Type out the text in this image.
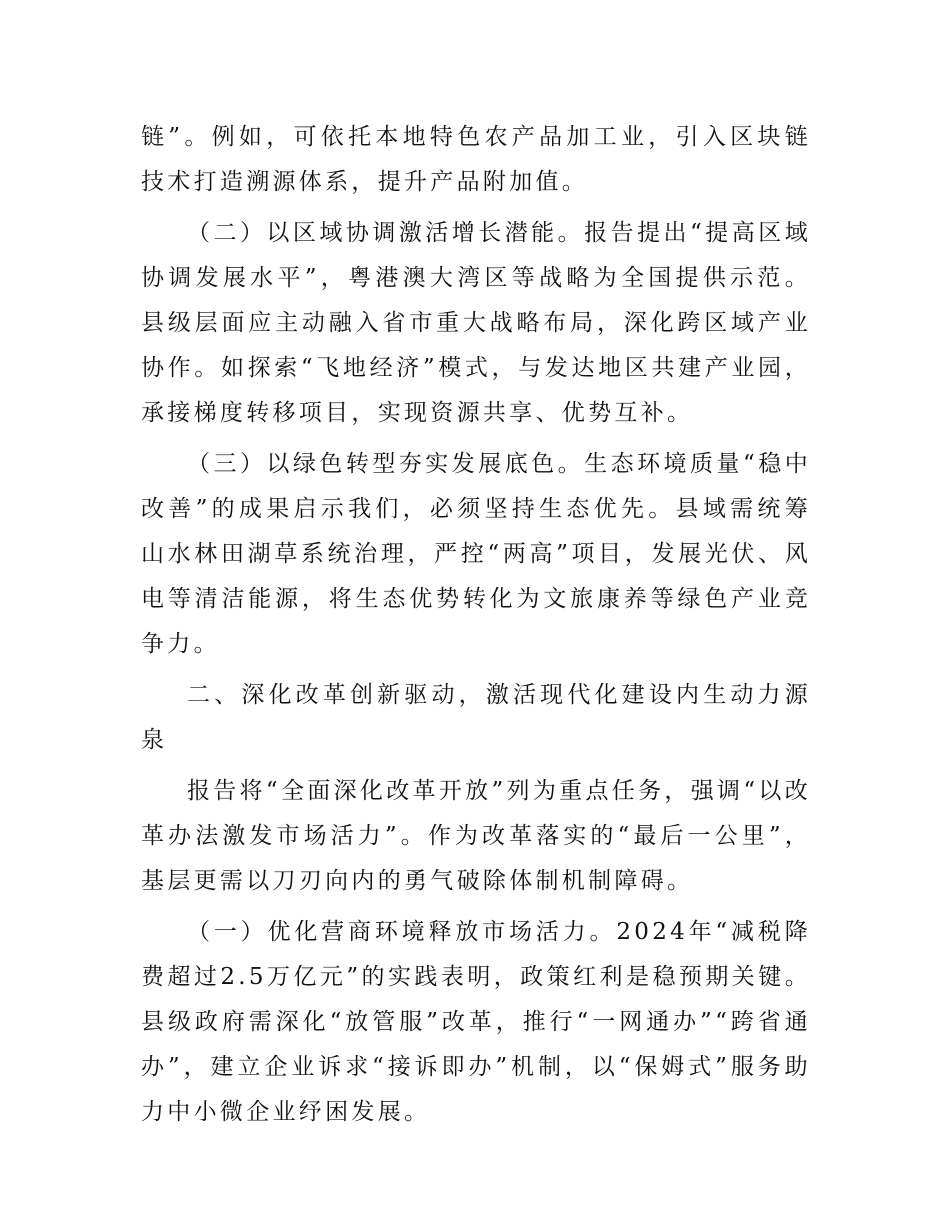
链”。例如，可依托本地特色农产品加工业，引入区块链技术打造溯源体系，提升产品附加值。

（二）以区域协调激活增长潜能。报告提出“提高区域协调发展水平”，粤港澳大湾区等战略为全国提供示范。县级层面应主动融入省市重大战略布局，深化跨区域产业协作。如探索“飞地经济”模式，与发达地区共建产业园，承接梯度转移项目，实现资源共享、优势互补。

（三）以绿色转型夯实发展底色。生态环境质量“稳中改善”的成果启示我们，必须坚持生态优先。县域需统筹山水林田湖草系统治理，严控“两高”项目，发展光伏、风电等清洁能源，将生态优势转化为文旅康养等绿色产业竞争力。

二、深化改革创新驱动，激活现代化建设内生动力源泉

报告将“全面深化改革开放”列为重点任务，强调“以改革办法激发市场活力”。作为改革落实的“最后一公里”，基层更需以刀刃向内的勇气破除体制机制障碍。

（一）优化营商环境释放市场活力。2024年“减税降费超过2.5万亿元”的实践表明，政策红利是稳预期关键。县级政府需深化“放管服”改革，推行“一网通办”“跨省通办”，建立企业诉求“接诉即办”机制，以“保姆式”服务助力中小微企业纾困发展。
